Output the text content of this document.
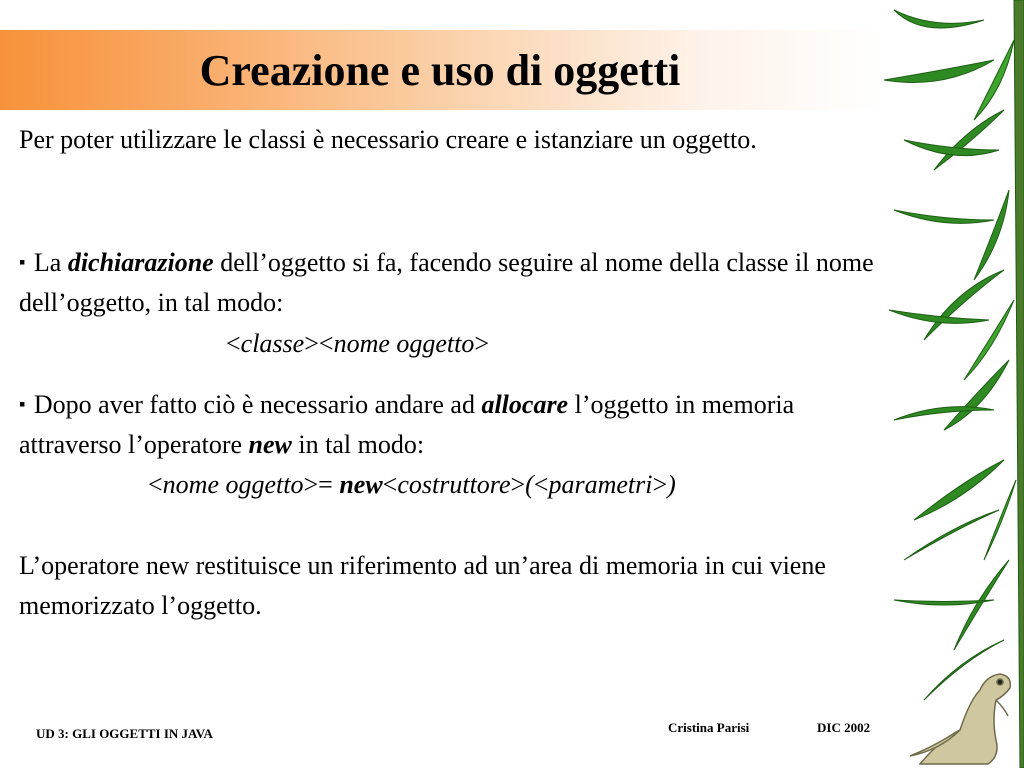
Creazione e uso di oggetti
Per poter utilizzare le classi è necessario creare e istanziare un oggetto.
▪ La dichiarazione dell’oggetto si fa, facendo seguire al nome della classe il nome dell’oggetto, in tal modo:
<classe><nome oggetto>
▪ Dopo aver fatto ciò è necessario andare ad allocare l’oggetto in memoria attraverso l’operatore new in tal modo:
<nome oggetto>= new<costruttore>(<parametri>)
L’operatore new restituisce un riferimento ad un’area di memoria in cui viene memorizzato l’oggetto.
UD 3: GLI OGGETTI IN JAVA	Cristina Parisi	DIC 2002
